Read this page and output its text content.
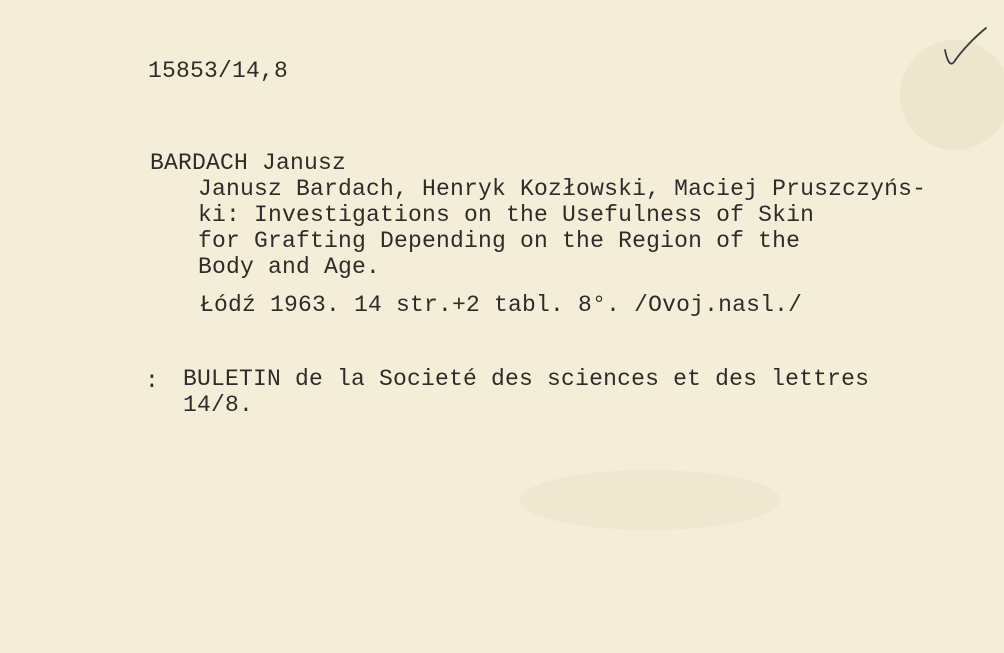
15853/14,8
BARDACH Janusz
Janusz Bardach, Henryk Kozłowski, Maciej Pruszczyńs-
ki: Investigations on the Usefulness of Skin
for Grafting Depending on the Region of the
Body and Age.
Łódź 1963. 14 str.+2 tabl. 8°. /Ovoj.nasl./
: BULETIN de la Societé des sciences et des lettres
14/8.
